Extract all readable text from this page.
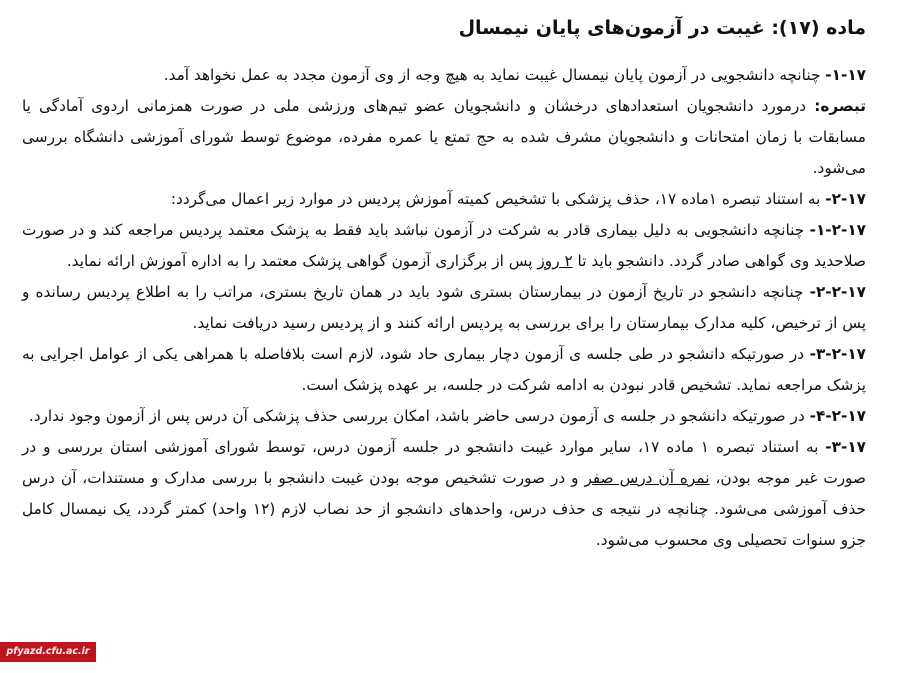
ماده (۱۷): غیبت در آزمون‌های پایان نیمسال

۱-۱۷- چنانچه دانشجویی در آزمون پایان نیمسال غیبت نماید به هیچ وجه از وی آزمون مجدد به عمل نخواهد آمد.

تبصره: درمورد دانشجویان استعدادهای درخشان و دانشجویان عضو تیم‌های ورزشی ملی در صورت همزمانی اردوی آمادگی یا مسابقات با زمان امتحانات و دانشجویان مشرف شده به حج تمتع یا عمره مفرده، موضوع توسط شورای آموزشی دانشگاه بررسی می‌شود.

۲-۱۷- به استناد تبصره ۱ماده ۱۷، حذف پزشکی با تشخیص کمیته آموزش پردیس در موارد زیر اعمال می‌گردد:

۱-۲-۱۷- چنانچه دانشجویی به دلیل بیماری قادر به شرکت در آزمون نباشد باید فقط به پزشک معتمد پردیس مراجعه کند و در صورت صلاحدید وی گواهی صادر گردد. دانشجو باید تا ۲ روز پس از برگزاری آزمون گواهی پزشک معتمد را به اداره آموزش ارائه نماید.

۲-۲-۱۷- چنانچه دانشجو در تاریخ آزمون در بیمارستان بستری شود باید در همان تاریخ بستری، مراتب را به اطلاع پردیس رسانده و پس از ترخیص، کلیه مدارک بیمارستان را برای بررسی به پردیس ارائه کنند و از پردیس رسید دریافت نماید.

۳-۲-۱۷- در صورتیکه دانشجو در طی جلسه ی آزمون دچار بیماری حاد شود، لازم است بلافاصله با همراهی یکی از عوامل اجرایی به پزشک مراجعه نماید. تشخیص قادر نبودن به ادامه شرکت در جلسه، بر عهده پزشک است.

۴-۲-۱۷- در صورتیکه دانشجو در جلسه ی آزمون درسی حاضر باشد، امکان بررسی حذف پزشکی آن درس پس از آزمون وجود ندارد.

۳-۱۷- به استناد تبصره ۱ ماده ۱۷، سایر موارد غیبت دانشجو در جلسه آزمون درس، توسط شورای آموزشی استان بررسی و در صورت غیر موجه بودن، نمره آن درس صفر و در صورت تشخیص موجه بودن غیبت دانشجو با بررسی مدارک و مستندات، آن درس حذف آموزشی می‌شود. چنانچه در نتیجه ی حذف درس، واحدهای دانشجو از حد نصاب لازم (۱۲ واحد) کمتر گردد، یک نیمسال کامل جزو سنوات تحصیلی وی محسوب می‌شود.

pfyazd.cfu.ac.ir
